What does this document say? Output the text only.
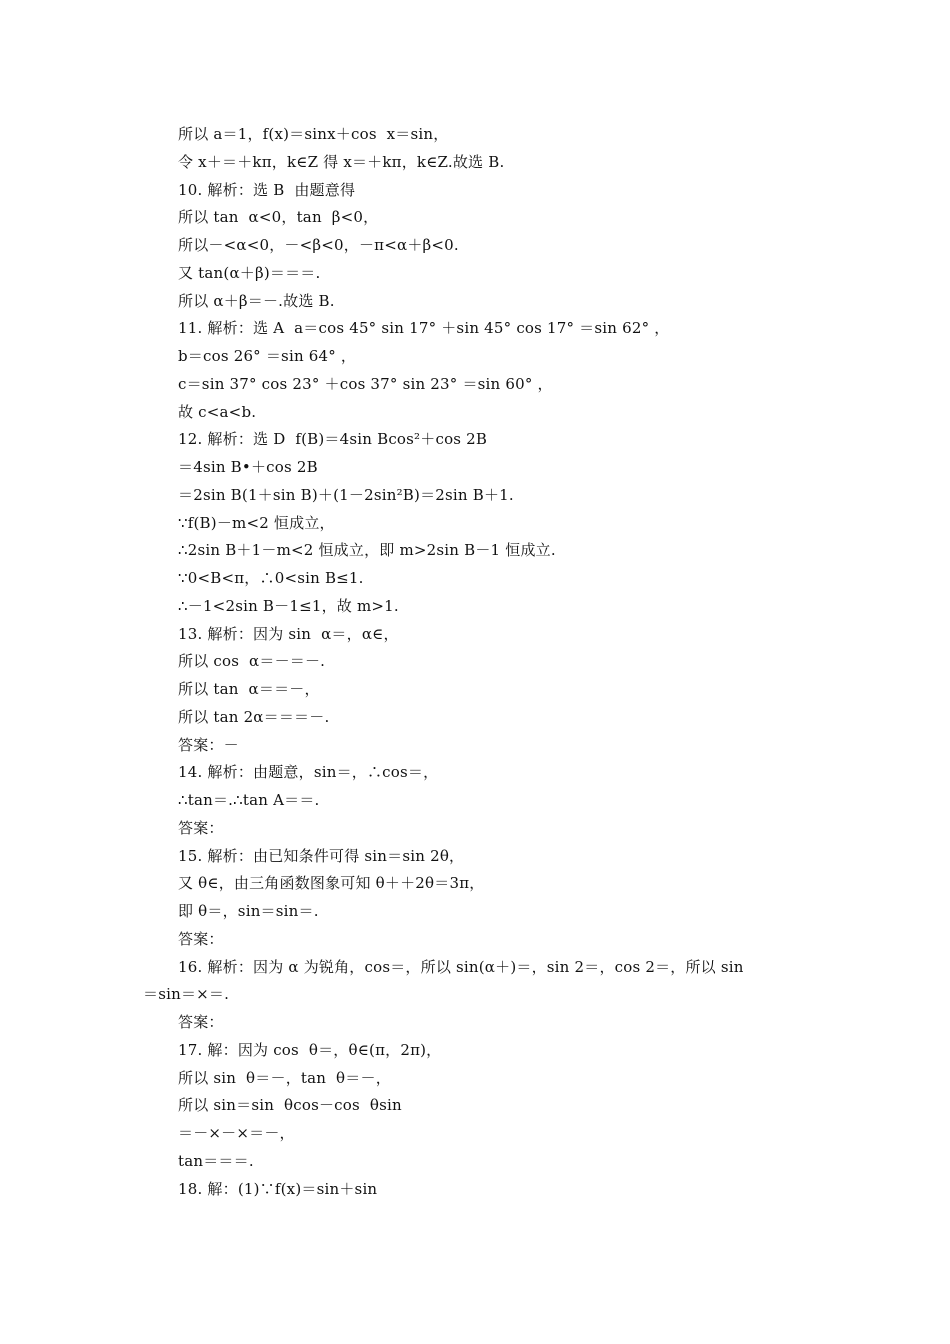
所以 a＝1，f(x)＝sinx＋cos  x＝sin，
令 x＋＝＋kπ，k∈Z 得 x＝＋kπ，k∈Z.故选 B.
10. 解析：选 B  由题意得
所以 tan  α<0，tan  β<0，
所以－<α<0，－<β<0，－π<α＋β<0.
又 tan(α＋β)＝＝＝.
所以 α＋β＝－.故选 B.
11. 解析：选 A  a＝cos 45° sin 17° ＋sin 45° cos 17° ＝sin 62° ，
b＝cos 26° ＝sin 64° ，
c＝sin 37° cos 23° ＋cos 37° sin 23° ＝sin 60° ，
故 c<a<b.
12. 解析：选 D  f(B)＝4sin Bcos²＋cos 2B
＝4sin B•＋cos 2B
＝2sin B(1＋sin B)＋(1－2sin²B)＝2sin B＋1.
∵f(B)－m<2 恒成立，
∴2sin B＋1－m<2 恒成立，即 m>2sin B－1 恒成立.
∵0<B<π，∴0<sin B≤1.
∴－1<2sin B－1≤1，故 m>1.
13. 解析：因为 sin  α＝，α∈，
所以 cos  α＝－＝－.
所以 tan  α＝＝－，
所以 tan 2α＝＝＝－.
答案：－
14. 解析：由题意，sin＝，∴cos＝，
∴tan＝.∴tan A＝＝.
答案：
15. 解析：由已知条件可得 sin＝sin 2θ，
又 θ∈，由三角函数图象可知 θ＋＋2θ＝3π，
即 θ＝，sin＝sin＝.
答案：
16. 解析：因为 α 为锐角，cos＝，所以 sin(α＋)＝，sin 2＝，cos 2＝，所以 sin
＝sin＝×＝.
答案：
17. 解：因为 cos  θ＝，θ∈(π，2π)，
所以 sin  θ＝－，tan  θ＝－，
所以 sin＝sin  θcos－cos  θsin
＝－×－×＝－，
tan＝＝＝.
18. 解：(1)∵f(x)＝sin＋sin
